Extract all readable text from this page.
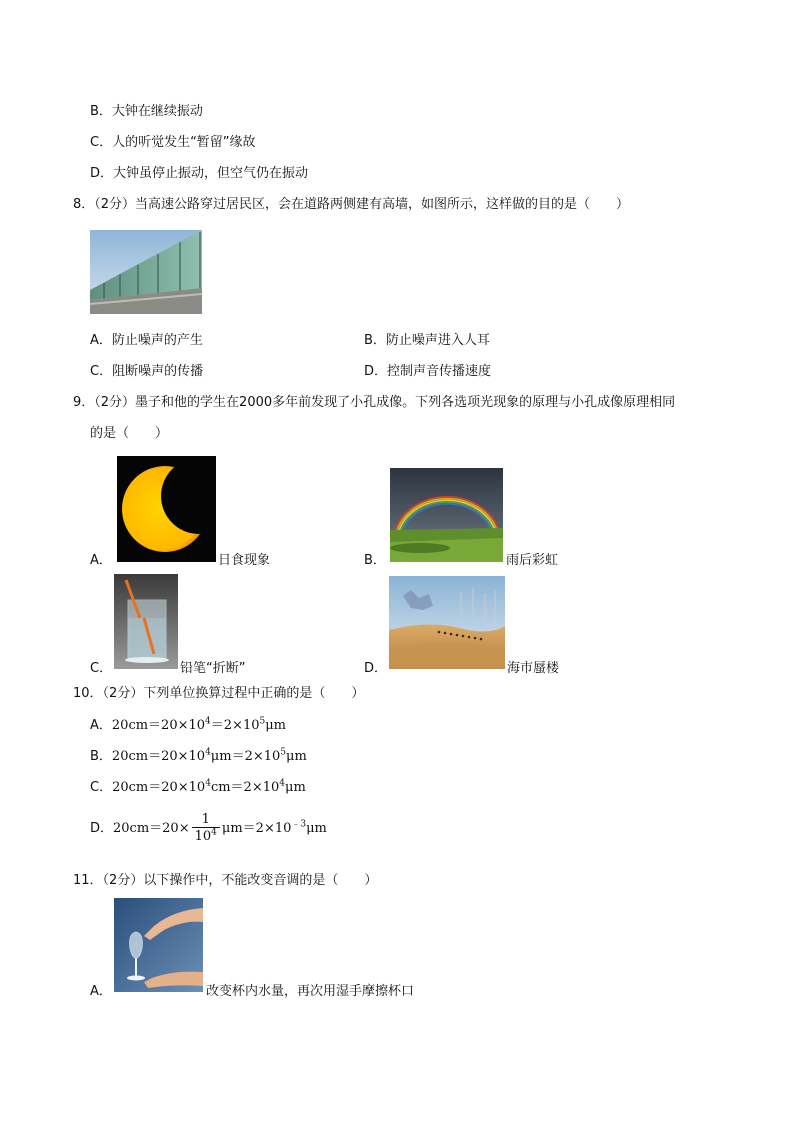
B．大钟在继续振动
C．人的听觉发生“暂留”缘故
D．大钟虽停止振动，但空气仍在振动
8．（2分）当高速公路穿过居民区，会在道路两侧建有高墙，如图所示，这样做的目的是（　　）
A．防止噪声的产生	B．防止噪声进入人耳
C．阻断噪声的传播	D．控制声音传播速度
9．（2分）墨子和他的学生在2000多年前发现了小孔成像。下列各选项光现象的原理与小孔成像原理相同
的是（　　）
A．	日食现象	B．	雨后彩虹
C．	铅笔“折断”	D．	海市蜃楼
10．（2分）下列单位换算过程中正确的是（　　）
A．$20cm=20\times 10^4=2\times 10^5\mu m$
B．$20cm=20\times 10^4\mu m=2\times 10^5\mu m$
C．$20cm=20\times 10^4cm=2\times 10^4\mu m$
D．$20cm=20\times \frac{1}{10^4} \mu m=2\times 10^{﹣3}\mu m$
11．（2分）以下操作中，不能改变音调的是（　　）
A．	改变杯内水量，再次用湿手摩擦杯口
